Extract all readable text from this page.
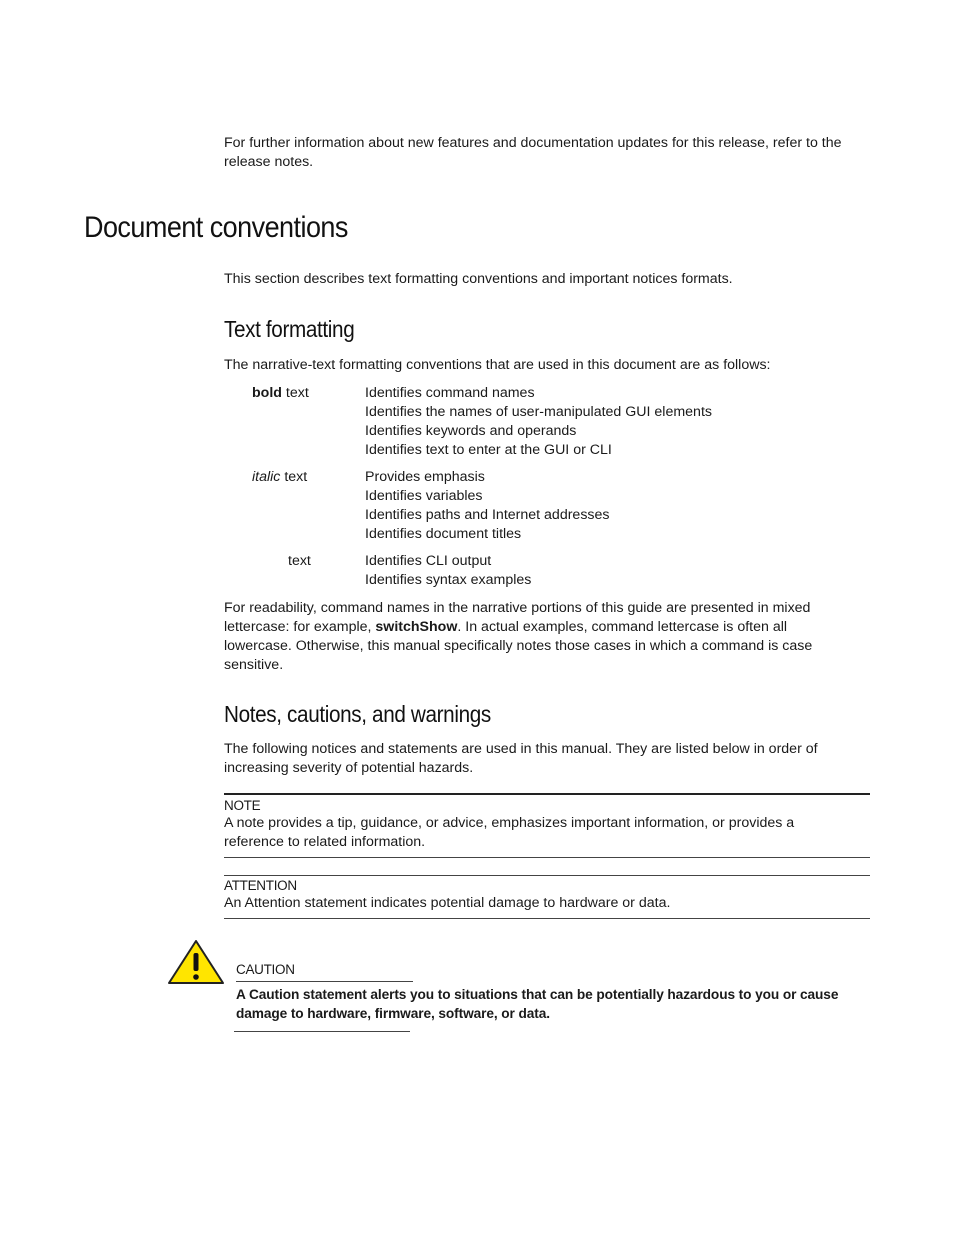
For further information about new features and documentation updates for this release, refer to the release notes.

Document conventions

This section describes text formatting conventions and important notices formats.

Text formatting

The narrative-text formatting conventions that are used in this document are as follows:

bold text	Identifies command names
Identifies the names of user-manipulated GUI elements
Identifies keywords and operands
Identifies text to enter at the GUI or CLI
italic text	Provides emphasis
Identifies variables
Identifies paths and Internet addresses
Identifies document titles
text	Identifies CLI output
Identifies syntax examples

For readability, command names in the narrative portions of this guide are presented in mixed lettercase: for example, switchShow. In actual examples, command lettercase is often all lowercase. Otherwise, this manual specifically notes those cases in which a command is case sensitive.

Notes, cautions, and warnings

The following notices and statements are used in this manual. They are listed below in order of increasing severity of potential hazards.

NOTE

A note provides a tip, guidance, or advice, emphasizes important information, or provides a reference to related information.

ATTENTION

An Attention statement indicates potential damage to hardware or data.

CAUTION

A Caution statement alerts you to situations that can be potentially hazardous to you or cause damage to hardware, firmware, software, or data.
